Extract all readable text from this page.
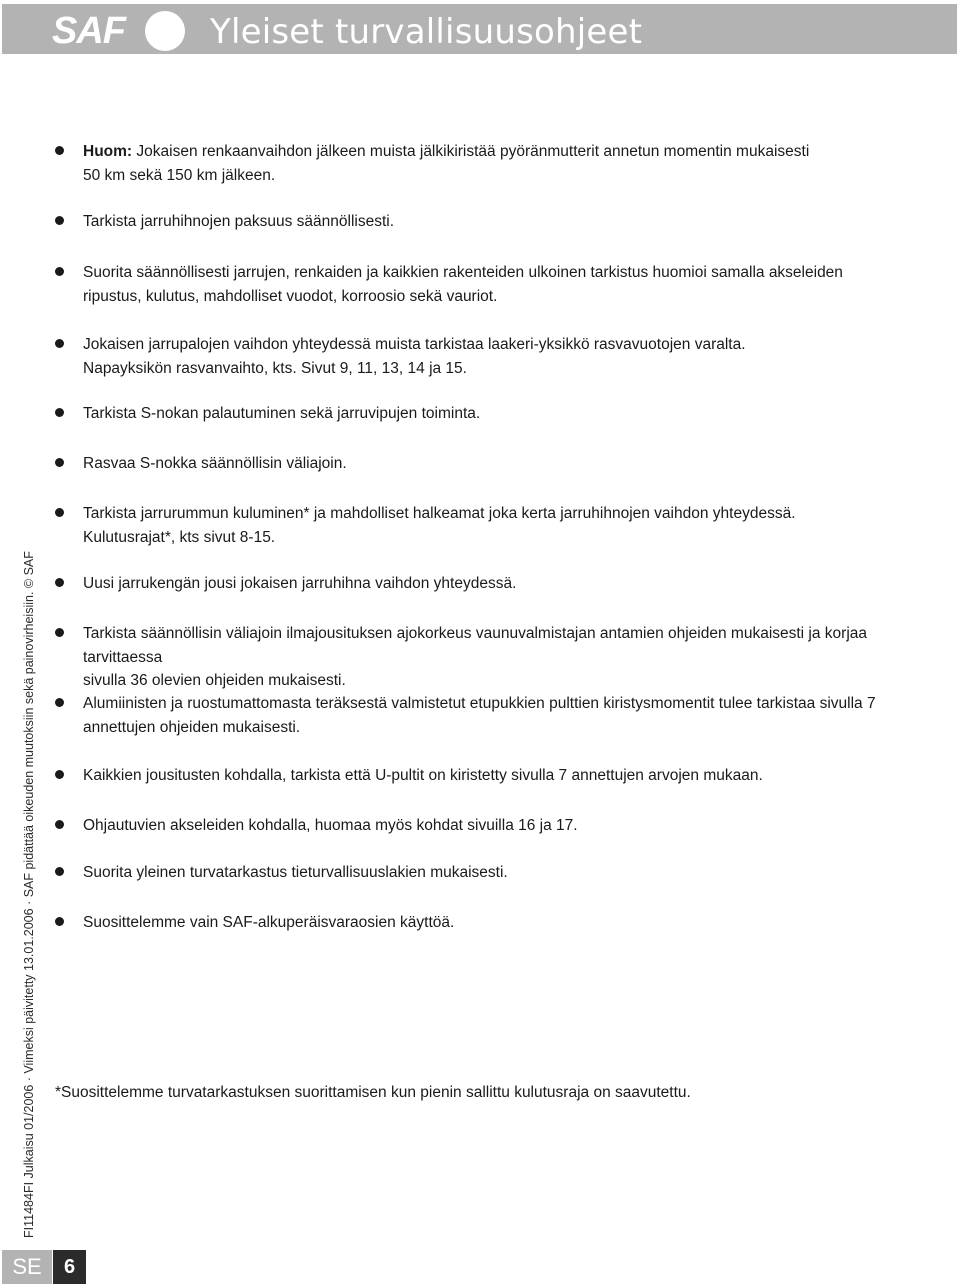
SAF	Yleiset turvallisuusohjeet
Huom: Jokaisen renkaanvaihdon jälkeen muista jälkikiristää pyöränmutterit annetun momentin mukaisesti
50 km sekä 150 km jälkeen.
Tarkista jarruhihnojen paksuus säännöllisesti.
Suorita säännöllisesti jarrujen, renkaiden ja kaikkien rakenteiden ulkoinen tarkistus huomioi samalla akseleiden
ripustus, kulutus, mahdolliset vuodot, korroosio sekä vauriot.
Jokaisen jarrupalojen vaihdon yhteydessä muista tarkistaa laakeri-yksikkö rasvavuotojen varalta.
Napayksikön rasvanvaihto, kts. Sivut 9, 11, 13, 14 ja 15.
Tarkista S-nokan palautuminen sekä jarruvipujen toiminta.
Rasvaa S-nokka säännöllisin väliajoin.
Tarkista jarrurummun kuluminen* ja mahdolliset halkeamat joka kerta jarruhihnojen vaihdon yhteydessä.
Kulutusrajat*, kts sivut 8-15.
Uusi jarrukengän jousi jokaisen jarruhihna vaihdon yhteydessä.
Tarkista säännöllisin väliajoin ilmajousituksen ajokorkeus vaunuvalmistajan antamien ohjeiden mukaisesti ja korjaa tarvittaessa
sivulla 36 olevien ohjeiden mukaisesti.
Alumiinisten ja ruostumattomasta teräksestä valmistetut etupukkien pulttien kiristysmomentit tulee tarkistaa sivulla 7
annettujen ohjeiden mukaisesti.
Kaikkien jousitusten kohdalla, tarkista että U-pultit on kiristetty sivulla 7 annettujen arvojen mukaan.
Ohjautuvien akseleiden kohdalla, huomaa myös kohdat sivuilla 16 ja 17.
Suorita yleinen turvatarkastus tieturvallisuuslakien mukaisesti.
Suosittelemme vain SAF-alkuperäisvaraosien käyttöä.
*Suosittelemme turvatarkastuksen suorittamisen kun pienin sallittu kulutusraja on saavutettu.
FI11484FI Julkaisu 01/2006 · Viimeksi päivitetty 13.01.2006 · SAF pidättää oikeuden muutoksiin sekä painovirheisiin. © SAF
SE	6
